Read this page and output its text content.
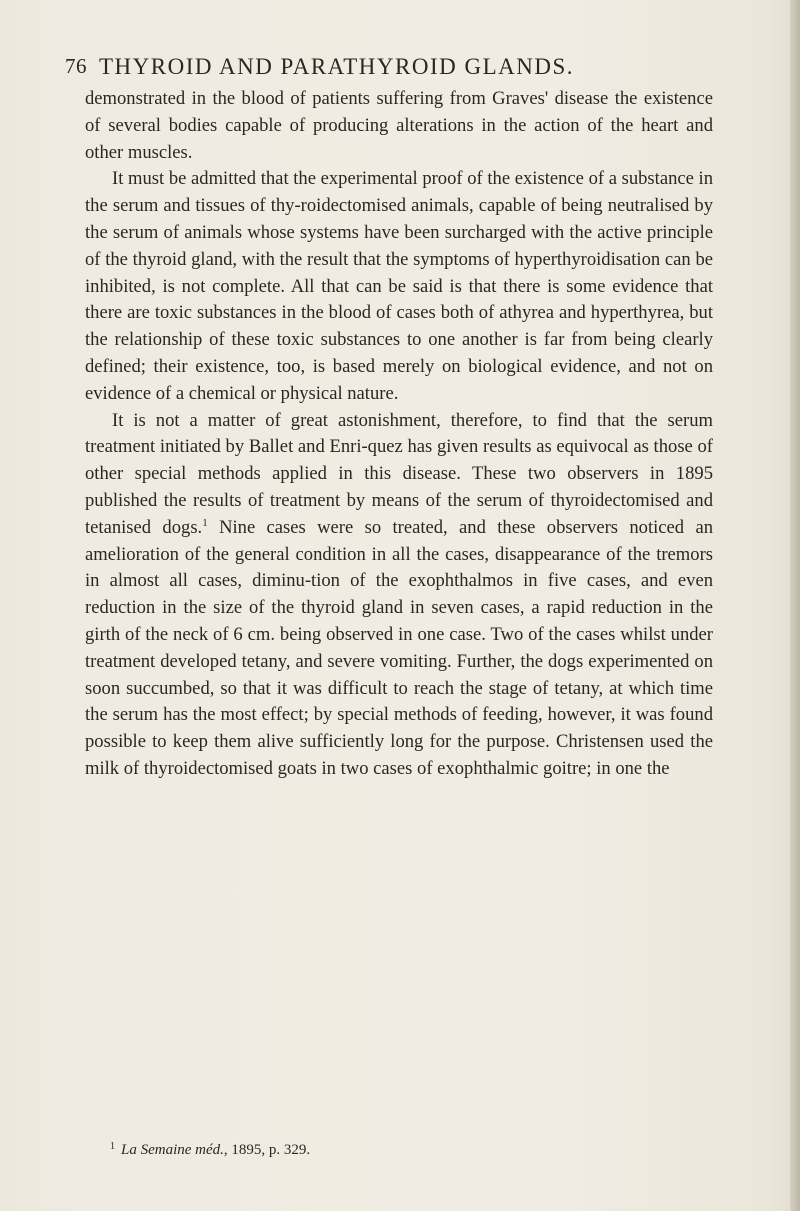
76 THYROID AND PARATHYROID GLANDS.

demonstrated in the blood of patients suffering from Graves' disease the existence of several bodies capable of producing alterations in the action of the heart and other muscles.

It must be admitted that the experimental proof of the existence of a substance in the serum and tissues of thy-roidectomised animals, capable of being neutralised by the serum of animals whose systems have been surcharged with the active principle of the thyroid gland, with the result that the symptoms of hyperthyroidisation can be inhibited, is not complete. All that can be said is that there is some evidence that there are toxic substances in the blood of cases both of athyrea and hyperthyrea, but the relationship of these toxic substances to one another is far from being clearly defined; their existence, too, is based merely on biological evidence, and not on evidence of a chemical or physical nature.

It is not a matter of great astonishment, therefore, to find that the serum treatment initiated by Ballet and Enri-quez has given results as equivocal as those of other special methods applied in this disease. These two observers in 1895 published the results of treatment by means of the serum of thyroidectomised and tetanised dogs.$^1$ Nine cases were so treated, and these observers noticed an amelioration of the general condition in all the cases, disappearance of the tremors in almost all cases, diminu-tion of the exophthalmos in five cases, and even reduction in the size of the thyroid gland in seven cases, a rapid reduction in the girth of the neck of 6 cm. being observed in one case. Two of the cases whilst under treatment developed tetany, and severe vomiting. Further, the dogs experimented on soon succumbed, so that it was difficult to reach the stage of tetany, at which time the serum has the most effect; by special methods of feeding, however, it was found possible to keep them alive sufficiently long for the purpose. Christensen used the milk of thyroidectomised goats in two cases of exophthalmic goitre; in one the

$^1$ La Semaine méd., 1895, p. 329.
